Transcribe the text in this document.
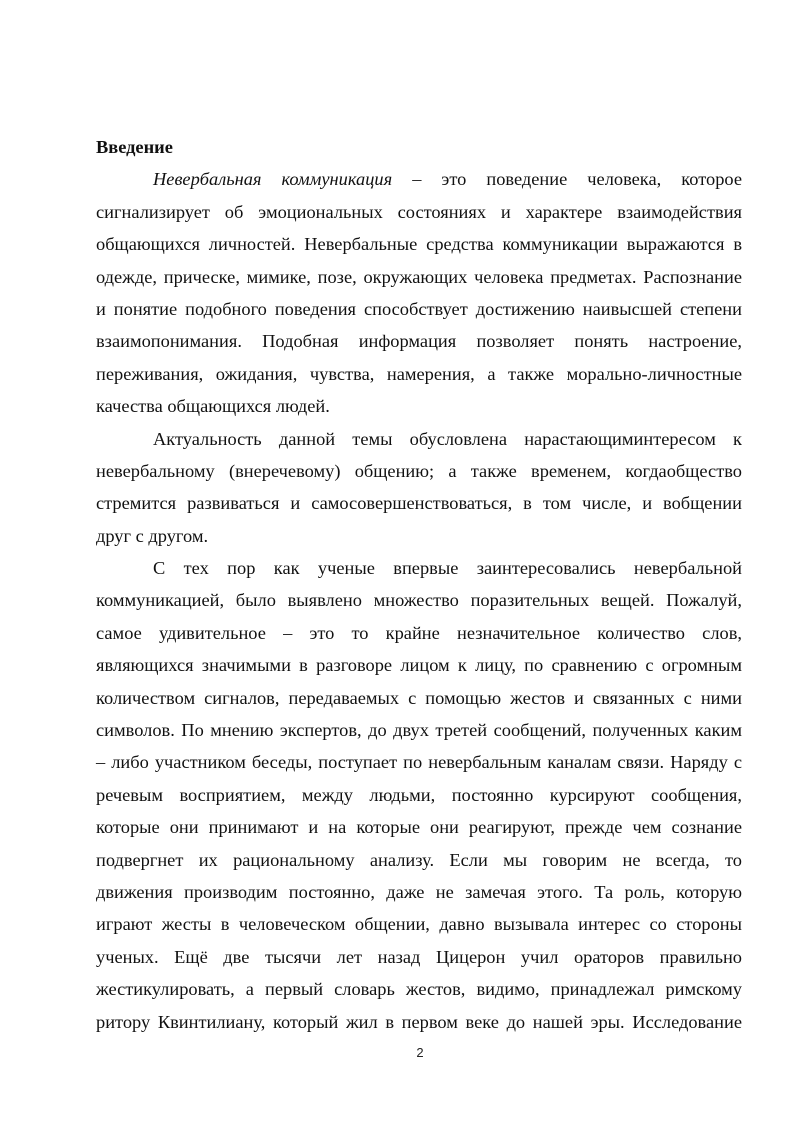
Введение
Невербальная коммуникация – это поведение человека, которое
сигнализирует об эмоциональных состояниях и характере взаимодействия
общающихся личностей. Невербальные средства коммуникации выражаются в
одежде, прическе, мимике, позе, окружающих человека предметах. Распознание
и понятие подобного поведения способствует достижению наивысшей степени
взаимопонимания. Подобная информация позволяет понять настроение,
переживания, ожидания, чувства, намерения, а также морально-личностные
качества общающихся людей.
Актуальность данной темы обусловлена нарастающиминтересом к
невербальному (внеречевому) общению; а также временем, когдаобщество
стремится развиваться и самосовершенствоваться, в том числе, и вобщении
друг с другом.
С тех пор как ученые впервые заинтересовались невербальной
коммуникацией, было выявлено множество поразительных вещей. Пожалуй,
самое удивительное – это то крайне незначительное количество слов,
являющихся значимыми в разговоре лицом к лицу, по сравнению с огромным
количеством сигналов, передаваемых с помощью жестов и связанных с ними
символов. По мнению экспертов, до двух третей сообщений, полученных каким
– либо участником беседы, поступает по невербальным каналам связи. Наряду с
речевым восприятием, между людьми, постоянно курсируют сообщения,
которые они принимают и на которые они реагируют, прежде чем сознание
подвергнет их рациональному анализу. Если мы говорим не всегда, то
движения производим постоянно, даже не замечая этого. Та роль, которую
играют жесты в человеческом общении, давно вызывала интерес со стороны
ученых. Ещё две тысячи лет назад Цицерон учил ораторов правильно
жестикулировать, а первый словарь жестов, видимо, принадлежал римскому
ритору Квинтилиану, который жил в первом веке до нашей эры. Исследование
2
